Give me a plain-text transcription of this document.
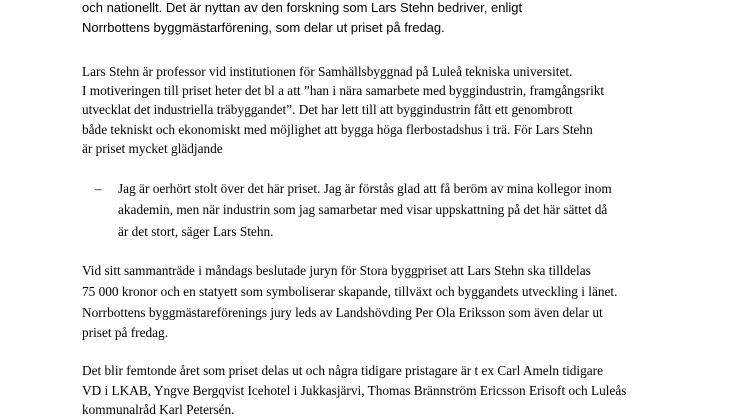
och nationellt. Det är nyttan av den forskning som Lars Stehn bedriver, enligt
Norrbottens byggmästarförening, som delar ut priset på fredag.
Lars Stehn är professor vid institutionen för Samhällsbyggnad på Luleå tekniska universitet.
I motiveringen till priset heter det bl a att ”han i nära samarbete med byggindustrin, framgångsrikt
utvecklat det industriella träbyggandet”. Det har lett till att byggindustrin fått ett genombrott
både tekniskt och ekonomiskt med möjlighet att bygga höga flerbostadshus i trä. För Lars Stehn
är priset mycket glädjande
– Jag är oerhört stolt över det här priset. Jag är förstås glad att få beröm av mina kollegor inom
akademin, men när industrin som jag samarbetar med visar uppskattning på det här sättet då
är det stort, säger Lars Stehn.
Vid sitt sammanträde i måndags beslutade juryn för Stora byggpriset att Lars Stehn ska tilldelas
75 000 kronor och en statyett som symboliserar skapande, tillväxt och byggandets utveckling i länet.
Norrbottens byggmästareförenings jury leds av Landshövding Per Ola Eriksson som även delar ut
priset på fredag.
Det blir femtonde året som priset delas ut och några tidigare pristagare är t ex Carl Ameln tidigare
VD i LKAB, Yngve Bergqvist Icehotel i Jukkasjärvi, Thomas Brännström Ericsson Erisoft och Luleås
kommunalråd Karl Petersén.
